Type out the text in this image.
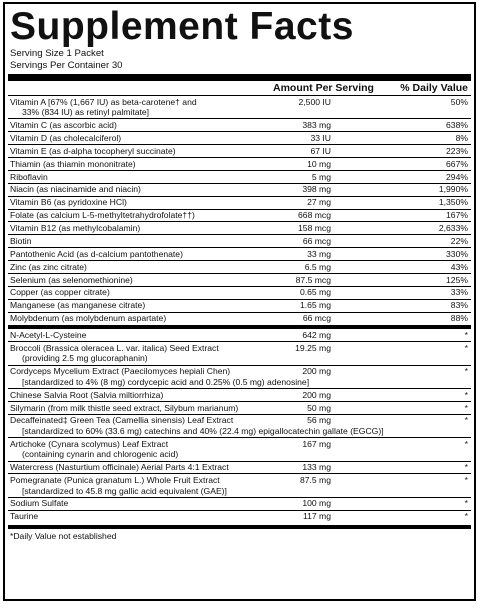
Supplement Facts
Serving Size 1 Packet
Servings Per Container 30
Amount Per Serving	% Daily Value
Vitamin A [67% (1,667 IU) as beta-carotene† and
33% (834 IU) as retinyl palmitate]
2,500 IU	50%
Vitamin C (as ascorbic acid)	383 mg	638%
Vitamin D (as cholecalciferol)	33 IU	8%
Vitamin E (as d-alpha tocopheryl succinate)	67 IU	223%
Thiamin (as thiamin mononitrate)	10 mg	667%
Riboflavin	5 mg	294%
Niacin (as niacinamide and niacin)	398 mg	1,990%
Vitamin B6 (as pyridoxine HCl)	27 mg	1,350%
Folate (as calcium L-5-methyltetrahydrofolate††)	668 mcg	167%
Vitamin B12 (as methylcobalamin)	158 mcg	2,633%
Biotin	66 mcg	22%
Pantothenic Acid (as d-calcium pantothenate)	33 mg	330%
Zinc (as zinc citrate)	6.5 mg	43%
Selenium (as selenomethionine)	87.5 mcg	125%
Copper (as copper citrate)	0.65 mg	33%
Manganese (as manganese citrate)	1.65 mg	83%
Molybdenum (as molybdenum aspartate)	66 mcg	88%
N-Acetyl-L-Cysteine	642 mg	*
Broccoli (Brassica oleracea L. var. italica) Seed Extract
(providing 2.5 mg glucoraphanin)
19.25 mg	*
Cordyceps Mycelium Extract (Paecilomyces hepiali Chen)
[standardized to 4% (8 mg) cordycepic acid and 0.25% (0.5 mg) adenosine]
200 mg	*
Chinese Salvia Root (Salvia miltiorrhiza)	200 mg	*
Silymarin (from milk thistle seed extract, Silybum marianum)	50 mg	*
Decaffeinated‡ Green Tea (Camellia sinensis) Leaf Extract
[standardized to 60% (33.6 mg) catechins and 40% (22.4 mg) epigallocatechin gallate (EGCG)]
56 mg	*
Artichoke (Cynara scolymus) Leaf Extract
(containing cynarin and chlorogenic acid)
167 mg	*
Watercress (Nasturtium officinale) Aerial Parts 4:1 Extract	133 mg	*
Pomegranate (Punica granatum L.) Whole Fruit Extract
[standardized to 45.8 mg gallic acid equivalent (GAE)]
87.5 mg	*
Sodium Sulfate	100 mg	*
Taurine	117 mg	*
*Daily Value not established
